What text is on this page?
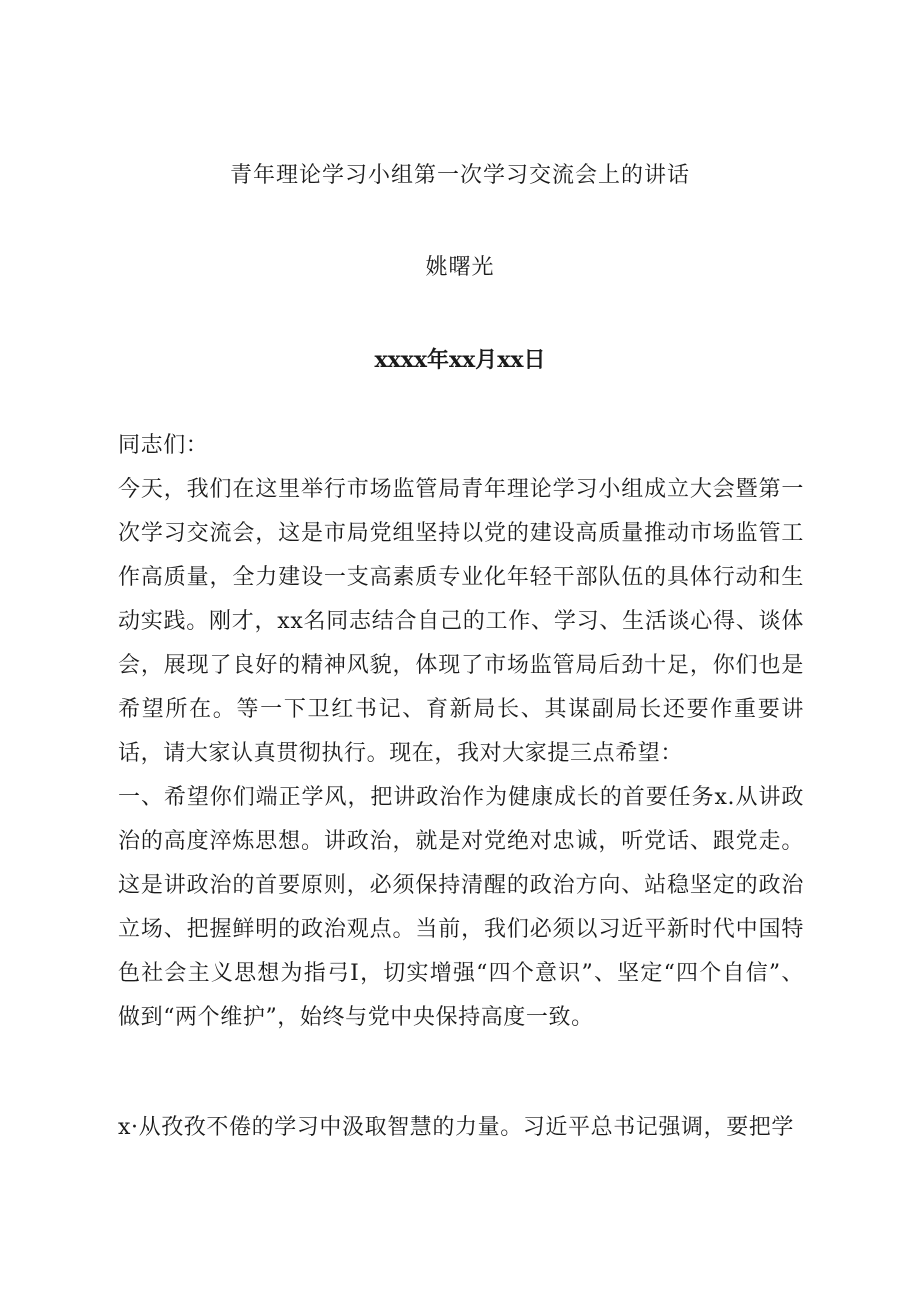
青年理论学习小组第一次学习交流会上的讲话
姚曙光
xxxx年xx月xx日
同志们：
今天，我们在这里举行市场监管局青年理论学习小组成立大会暨第一次学习交流会，这是市局党组坚持以党的建设高质量推动市场监管工作高质量，全力建设一支高素质专业化年轻干部队伍的具体行动和生动实践。刚才，xx名同志结合自己的工作、学习、生活谈心得、谈体会，展现了良好的精神风貌，体现了市场监管局后劲十足，你们也是希望所在。等一下卫红书记、育新局长、其谋副局长还要作重要讲话，请大家认真贯彻执行。现在，我对大家提三点希望：
一、希望你们端正学风，把讲政治作为健康成长的首要任务x.从讲政治的高度淬炼思想。讲政治，就是对党绝对忠诚，听党话、跟党走。这是讲政治的首要原则，必须保持清醒的政治方向、站稳坚定的政治立场、把握鲜明的政治观点。当前，我们必须以习近平新时代中国特色社会主义思想为指弓I，切实增强“四个意识”、坚定“四个自信”、做到“两个维护”，始终与党中央保持高度一致。
x·从孜孜不倦的学习中汲取智慧的力量。习近平总书记强调，要把学
